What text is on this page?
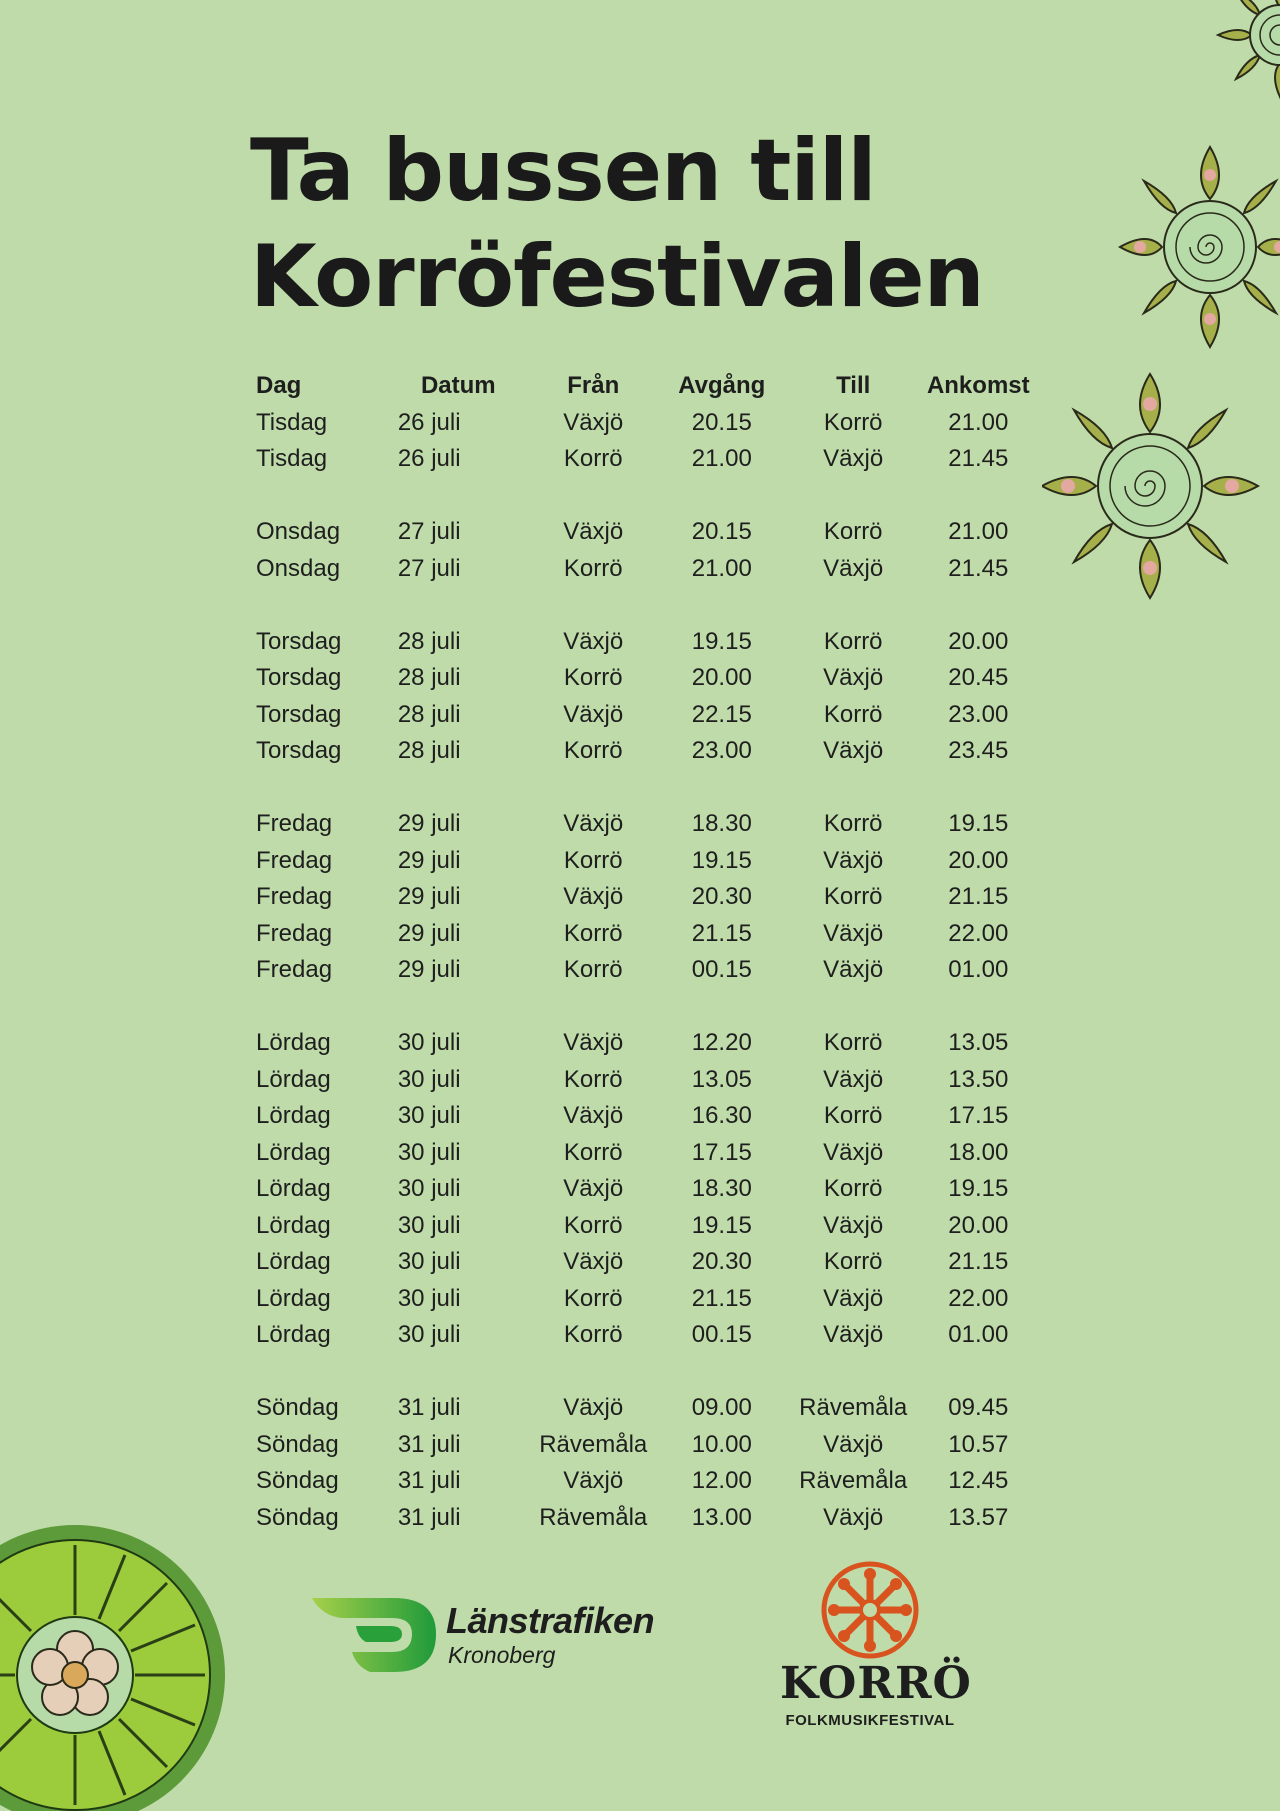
Ta bussen till
Korröfestivalen
Dag	Datum	Från	Avgång	Till	Ankomst
Tisdag	26 juli	Växjö	20.15	Korrö	21.00
Tisdag	26 juli	Korrö	21.00	Växjö	21.45

Onsdag	27 juli	Växjö	20.15	Korrö	21.00
Onsdag	27 juli	Korrö	21.00	Växjö	21.45

Torsdag	28 juli	Växjö	19.15	Korrö	20.00
Torsdag	28 juli	Korrö	20.00	Växjö	20.45
Torsdag	28 juli	Växjö	22.15	Korrö	23.00
Torsdag	28 juli	Korrö	23.00	Växjö	23.45

Fredag	29 juli	Växjö	18.30	Korrö	19.15
Fredag	29 juli	Korrö	19.15	Växjö	20.00
Fredag	29 juli	Växjö	20.30	Korrö	21.15
Fredag	29 juli	Korrö	21.15	Växjö	22.00
Fredag	29 juli	Korrö	00.15	Växjö	01.00

Lördag	30 juli	Växjö	12.20	Korrö	13.05
Lördag	30 juli	Korrö	13.05	Växjö	13.50
Lördag	30 juli	Växjö	16.30	Korrö	17.15
Lördag	30 juli	Korrö	17.15	Växjö	18.00
Lördag	30 juli	Växjö	18.30	Korrö	19.15
Lördag	30 juli	Korrö	19.15	Växjö	20.00
Lördag	30 juli	Växjö	20.30	Korrö	21.15
Lördag	30 juli	Korrö	21.15	Växjö	22.00
Lördag	30 juli	Korrö	00.15	Växjö	01.00

Söndag	31 juli	Växjö	09.00	Rävemåla	09.45
Söndag	31 juli	Rävemåla	10.00	Växjö	10.57
Söndag	31 juli	Växjö	12.00	Rävemåla	12.45
Söndag	31 juli	Rävemåla	13.00	Växjö	13.57
Länstrafiken
Kronoberg
KORRÖ
FOLKMUSIKFESTIVAL
